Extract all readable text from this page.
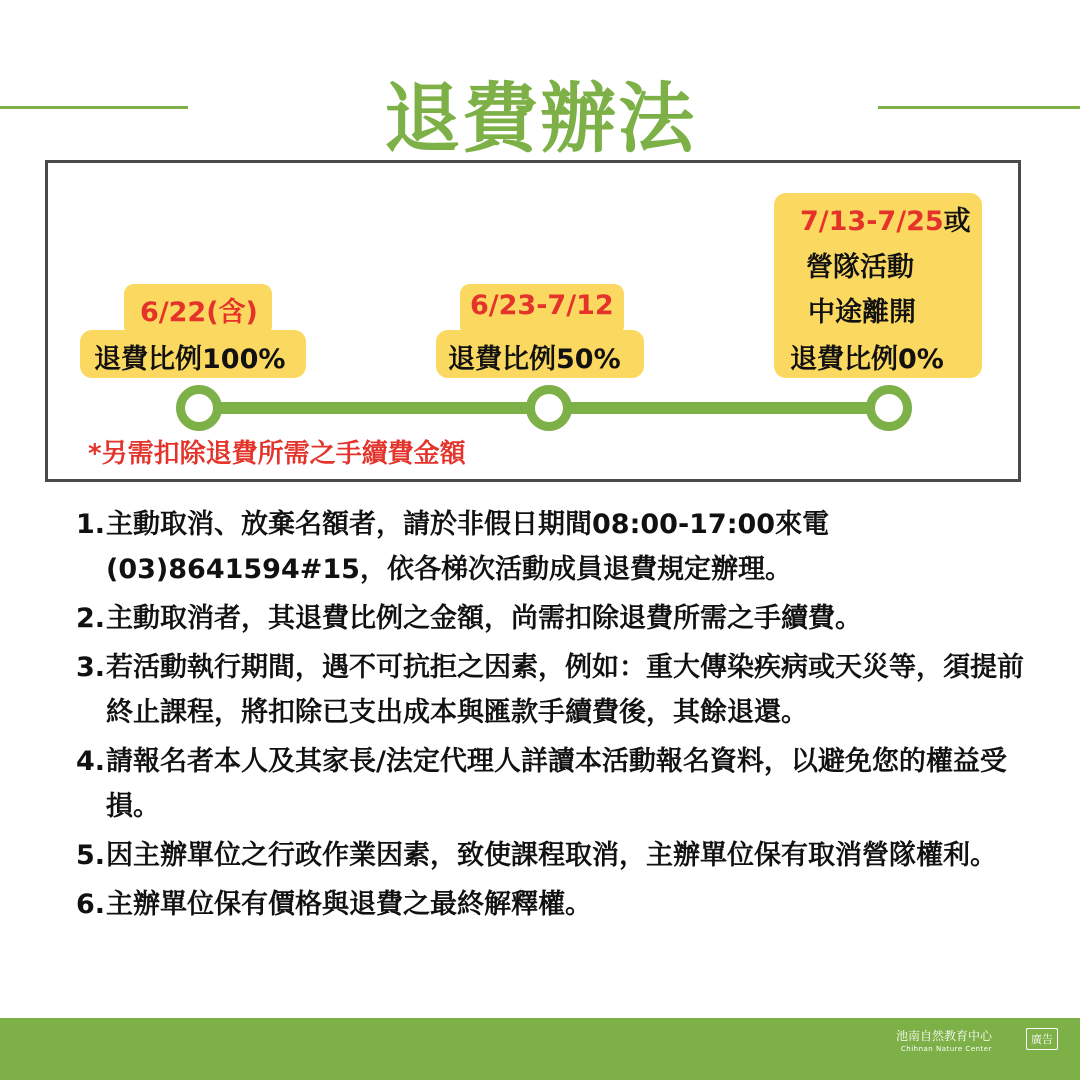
退費辦法
6/22(含)
退費比例100%
6/23-7/12
退費比例50%
7/13-7/25或
營隊活動
中途離開
退費比例0%
*另需扣除退費所需之手續費金額
1. 主動取消、放棄名額者，請於非假日期間08:00-17:00來電(03)8641594#15，依各梯次活動成員退費規定辦理。
2. 主動取消者，其退費比例之金額，尚需扣除退費所需之手續費。
3. 若活動執行期間，遇不可抗拒之因素，例如：重大傳染疾病或天災等，須提前終止課程，將扣除已支出成本與匯款手續費後，其餘退還。
4. 請報名者本人及其家長/法定代理人詳讀本活動報名資料，以避免您的權益受損。
5. 因主辦單位之行政作業因素，致使課程取消，主辦單位保有取消營隊權利。
6. 主辦單位保有價格與退費之最終解釋權。
池南自然教育中心
Chihnan Nature Center
廣告
